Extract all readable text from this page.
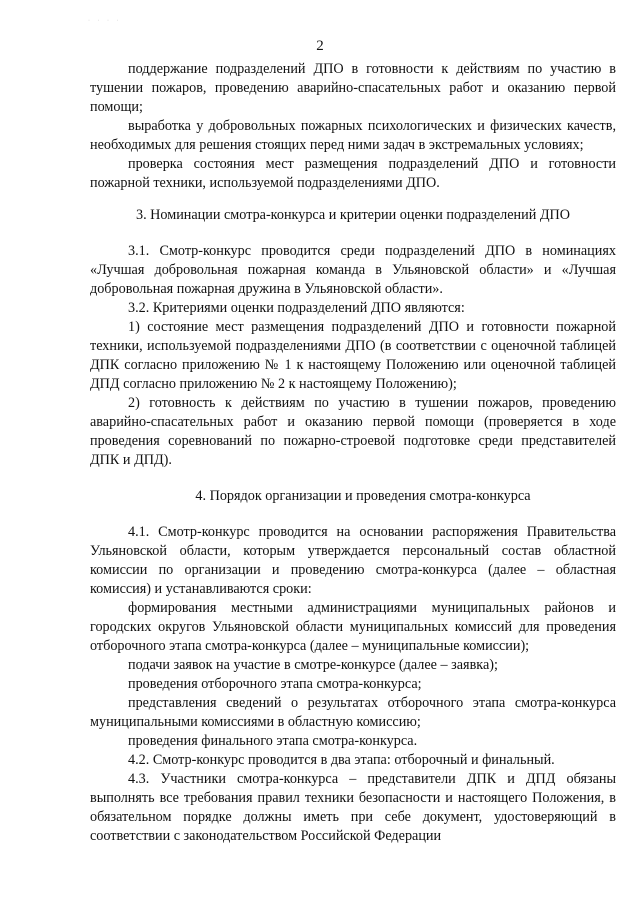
· · · ·
2

поддержание подразделений ДПО в готовности к действиям по участию в тушении пожаров, проведению аварийно-спасательных работ и оказанию первой помощи;

выработка у добровольных пожарных психологических и физических качеств, необходимых для решения стоящих перед ними задач в экстремальных условиях;

проверка состояния мест размещения подразделений ДПО и готовности пожарной техники, используемой подразделениями ДПО.

3. Номинации смотра-конкурса и критерии оценки подразделений ДПО

3.1. Смотр-конкурс проводится среди подразделений ДПО в номинациях «Лучшая добровольная пожарная команда в Ульяновской области» и «Лучшая добровольная пожарная дружина в Ульяновской области».

3.2. Критериями оценки подразделений ДПО являются:

1) состояние мест размещения подразделений ДПО и готовности пожарной техники, используемой подразделениями ДПО (в соответствии с оценочной таблицей ДПК согласно приложению № 1 к настоящему Положению или оценочной таблицей ДПД согласно приложению № 2 к настоящему Положению);

2) готовность к действиям по участию в тушении пожаров, проведению аварийно-спасательных работ и оказанию первой помощи (проверяется в ходе проведения соревнований по пожарно-строевой подготовке среди представителей ДПК и ДПД).

4. Порядок организации и проведения смотра-конкурса

4.1. Смотр-конкурс проводится на основании распоряжения Правительства Ульяновской области, которым утверждается персональный состав областной комиссии по организации и проведению смотра-конкурса (далее – областная комиссия) и устанавливаются сроки:

формирования местными администрациями муниципальных районов и городских округов Ульяновской области муниципальных комиссий для проведения отборочного этапа смотра-конкурса (далее – муниципальные комиссии);

подачи заявок на участие в смотре-конкурсе (далее – заявка);

проведения отборочного этапа смотра-конкурса;

представления сведений о результатах отборочного этапа смотра-конкурса муниципальными комиссиями в областную комиссию;

проведения финального этапа смотра-конкурса.

4.2. Смотр-конкурс проводится в два этапа: отборочный и финальный.

4.3. Участники смотра-конкурса – представители ДПК и ДПД обязаны выполнять все требования правил техники безопасности и настоящего Положения, в обязательном порядке должны иметь при себе документ, удостоверяющий в соответствии с законодательством Российской Федерации
